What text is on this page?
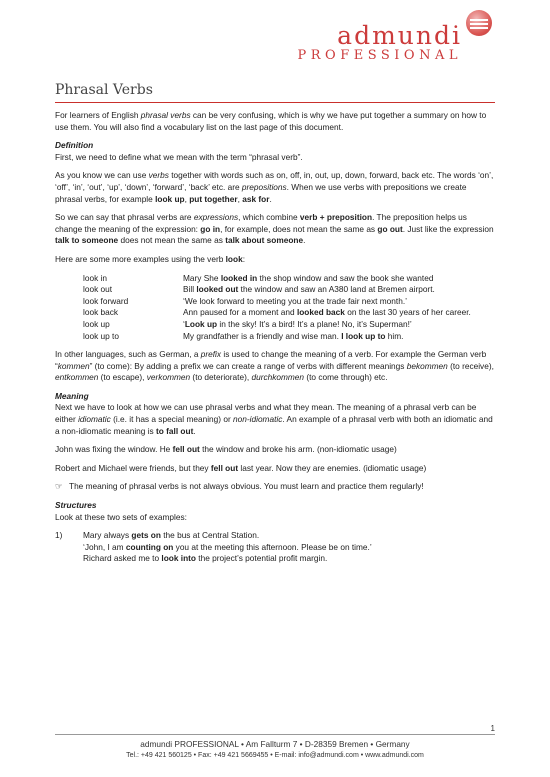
admundi
PROFESSIONAL
Phrasal Verbs

For learners of English phrasal verbs can be very confusing, which is why we have put together a summary on how to use them. You will also find a vocabulary list on the last page of this document.

Definition

First, we need to define what we mean with the term “phrasal verb”.

As you know we can use verbs together with words such as on, off, in, out, up, down, forward, back etc. The words ‘on’, ‘off’, ‘in’, ‘out’, ‘up’, ‘down’, ‘forward’, ‘back’ etc. are prepositions. When we use verbs with prepositions we create phrasal verbs, for example look up, put together, ask for.

So we can say that phrasal verbs are expressions, which combine verb + preposition. The preposition helps us change the meaning of the expression: go in, for example, does not mean the same as go out. Just like the expression talk to someone does not mean the same as talk about someone.

Here are some more examples using the verb look:

look in	Mary She looked in the shop window and saw the book she wanted
look out	Bill looked out the window and saw an A380 land at Bremen airport.
look forward	‘We look forward to meeting you at the trade fair next month.’
look back	Ann paused for a moment and looked back on the last 30 years of her career.
look up	‘Look up in the sky! It’s a bird! It’s a plane! No, it’s Superman!’
look up to	My grandfather is a friendly and wise man. I look up to him.

In other languages, such as German, a prefix is used to change the meaning of a verb. For example the German verb “kommen” (to come): By adding a prefix we can create a range of verbs with different meanings bekommen (to receive), entkommen (to escape), verkommen (to deteriorate), durchkommen (to come through) etc.

Meaning

Next we have to look at how we can use phrasal verbs and what they mean. The meaning of a phrasal verb can be either idiomatic (i.e. it has a special meaning) or non-idiomatic. An example of a phrasal verb with both an idiomatic and a non-idiomatic meaning is to fall out.

John was fixing the window. He fell out the window and broke his arm. (non-idiomatic usage)

Robert and Michael were friends, but they fell out last year. Now they are enemies. (idiomatic usage)

☞ The meaning of phrasal verbs is not always obvious. You must learn and practice them regularly!

Structures

Look at these two sets of examples:

1)	Mary always gets on the bus at Central Station.
‘John, I am counting on you at the meeting this afternoon. Please be on time.’
Richard asked me to look into the project’s potential profit margin.
1
admundi PROFESSIONAL • Am Fallturm 7 • D-28359 Bremen • Germany
Tel.: +49 421 560125 • Fax: +49 421 5669455 • E-mail: info@admundi.com • www.admundi.com
